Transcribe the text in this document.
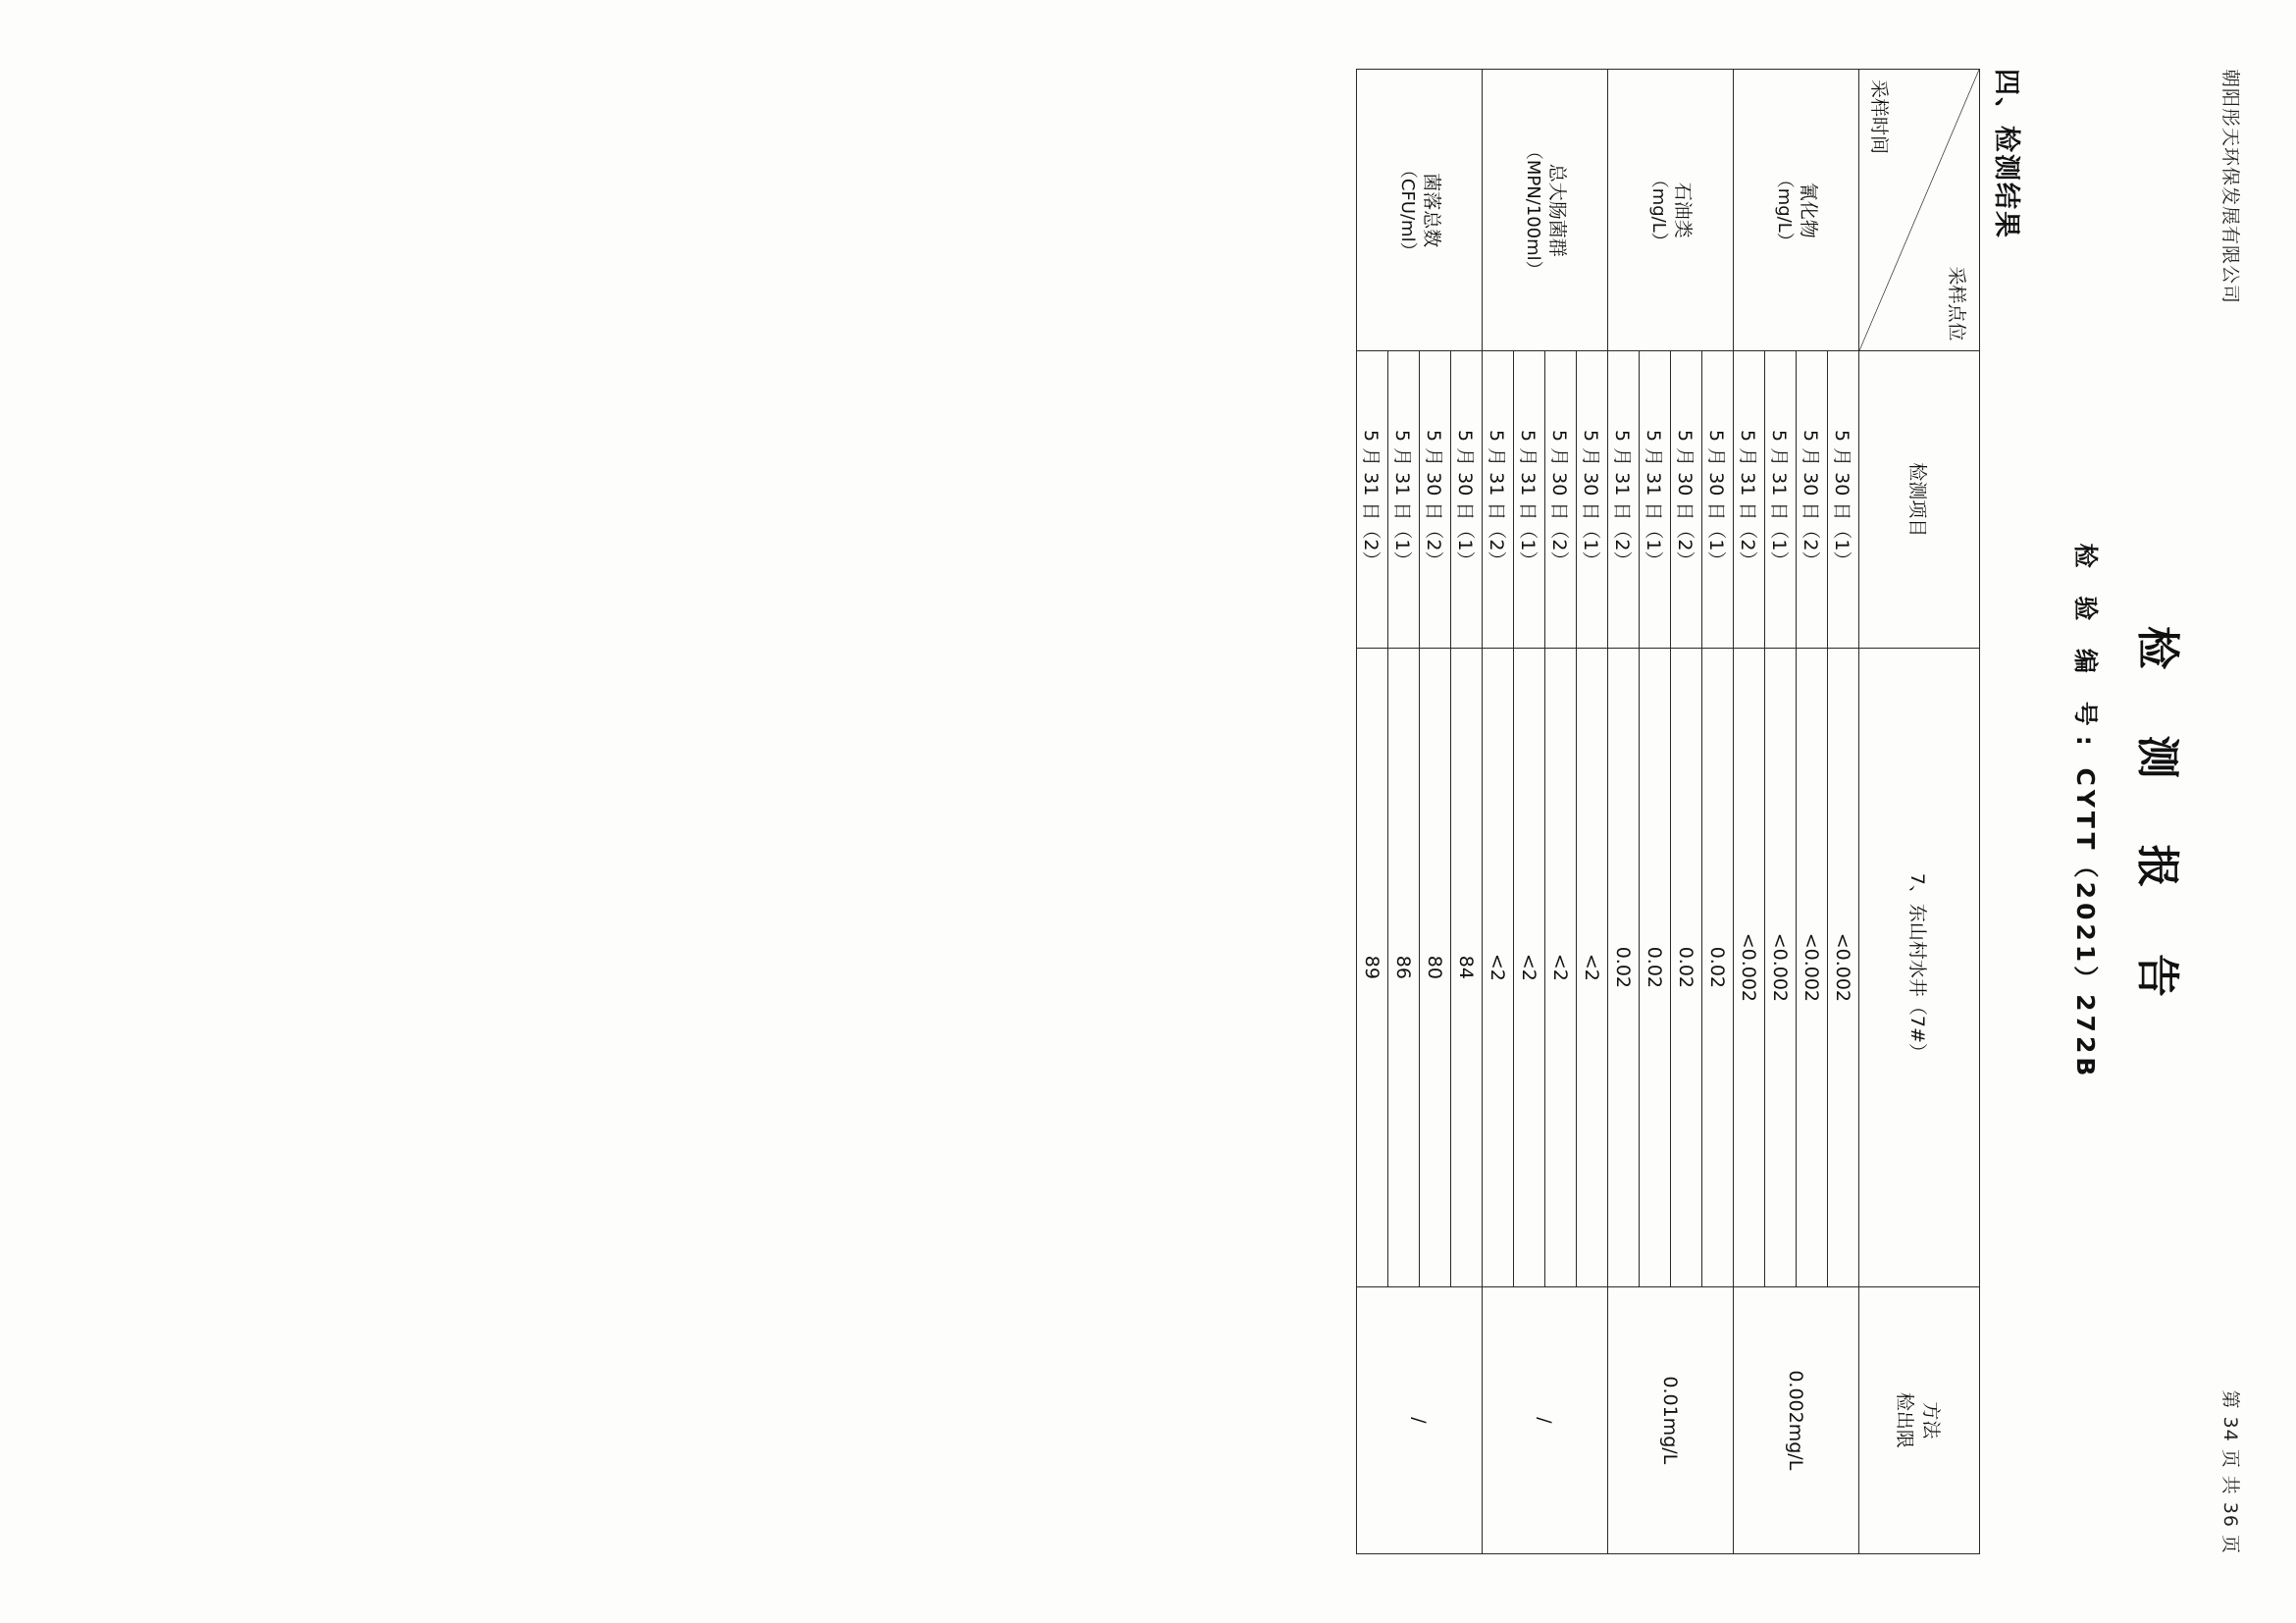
朝阳彤天环保发展有限公司
第 34 页 共 36 页
检 测 报 告
检 验 编 号: CYTT（2021）272B
四、检测结果
采样点位
采样时间	检测项目	7、东山村水井（7#）	方法
检出限

氰化物
（mg/L）	5 月 30 日（1）	<0.002	0.002mg/L
	5 月 30 日（2）	<0.002	
	5 月 31 日（1）	<0.002	
	5 月 31 日（2）	<0.002	
石油类
（mg/L）	5 月 30 日（1）	0.02	0.01mg/L
	5 月 30 日（2）	0.02	
	5 月 31 日（1）	0.02	
	5 月 31 日（2）	0.02	
总大肠菌群
（MPN/100ml）	5 月 30 日（1）	<2	/
	5 月 30 日（2）	<2	
	5 月 31 日（1）	<2	
	5 月 31 日（2）	<2	
菌落总数
（CFU/ml）	5 月 30 日（1）	84	/
	5 月 30 日（2）	80	
	5 月 31 日（1）	86	
	5 月 31 日（2）	89	
